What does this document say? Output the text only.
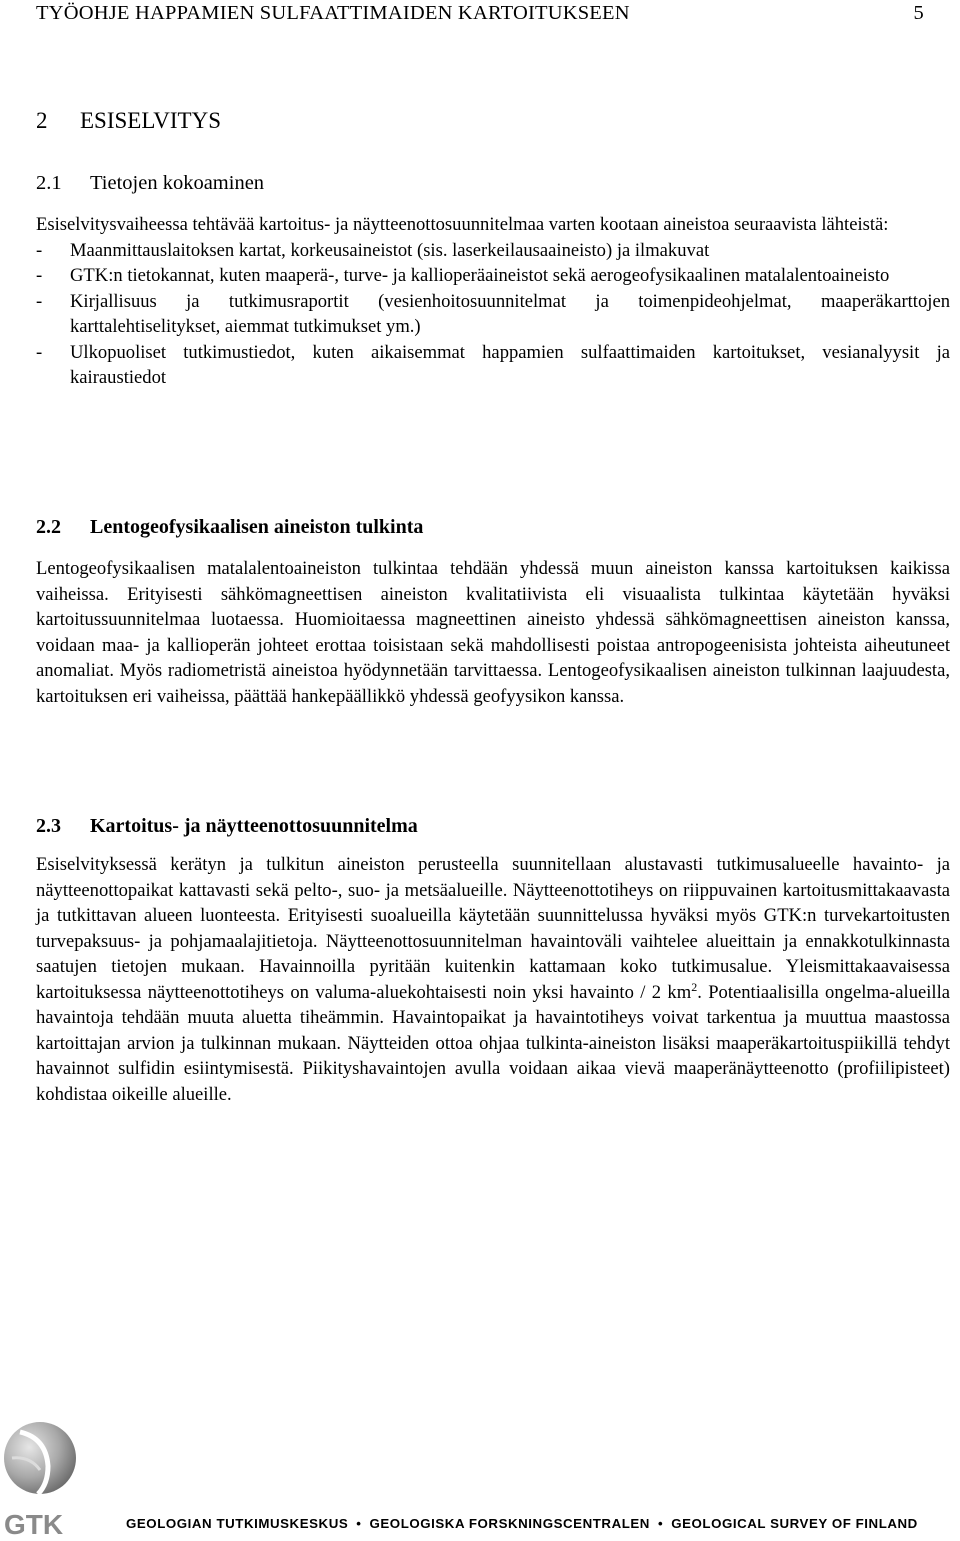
TYÖOHJE HAPPAMIEN SULFAATTIMAIDEN KARTOITUKSEEN	5
2 ESISELVITYS
2.1 Tietojen kokoaminen

Esiselvitysvaiheessa tehtävää kartoitus- ja näytteenottosuunnitelmaa varten kootaan aineistoa seuraavista lähteistä:

- Maanmittauslaitoksen kartat, korkeusaineistot (sis. laserkeilausaaineisto) ja ilmakuvat
- GTK:n tietokannat, kuten maaperä-, turve- ja kallioperäaineistot sekä aerogeofysikaalinen matalalentoaineisto
- Kirjallisuus ja tutkimusraportit (vesienhoitosuunnitelmat ja toimenpideohjelmat, maaperäkarttojen karttalehtiselitykset, aiemmat tutkimukset ym.)
- Ulkopuoliset tutkimustiedot, kuten aikaisemmat happamien sulfaattimaiden kartoitukset, vesianalyysit ja kairaustiedot
2.2 Lentogeofysikaalisen aineiston tulkinta

Lentogeofysikaalisen matalalentoaineiston tulkintaa tehdään yhdessä muun aineiston kanssa kartoituksen kaikissa vaiheissa. Erityisesti sähkömagneettisen aineiston kvalitatiivista eli visuaalista tulkintaa käytetään hyväksi kartoitussuunnitelmaa luotaessa. Huomioitaessa magneettinen aineisto yhdessä sähkömagneettisen aineiston kanssa, voidaan maa- ja kallioperän johteet erottaa toisistaan sekä mahdollisesti poistaa antropogeenisista johteista aiheutuneet anomaliat. Myös radiometristä aineistoa hyödynnetään tarvittaessa. Lentogeofysikaalisen aineiston tulkinnan laajuudesta, kartoituksen eri vaiheissa, päättää hankepäällikkö yhdessä geofyysikon kanssa.

2.3 Kartoitus- ja näytteenottosuunnitelma

Esiselvityksessä kerätyn ja tulkitun aineiston perusteella suunnitellaan alustavasti tutkimusalueelle havainto- ja näytteenottopaikat kattavasti sekä pelto-, suo- ja metsäalueille. Näytteenottotiheys on riippuvainen kartoitusmittakaavasta ja tutkittavan alueen luonteesta. Erityisesti suoalueilla käytetään suunnittelussa hyväksi myös GTK:n turvekartoitusten turvepaksuus- ja pohjamaalajitietoja. Näytteenottosuunnitelman havaintoväli vaihtelee alueittain ja ennakkotulkinnasta saatujen tietojen mukaan. Havainnoilla pyritään kuitenkin kattamaan koko tutkimusalue. Yleismittakaavaisessa kartoituksessa näytteenottotiheys on valuma-aluekohtaisesti noin yksi havainto / 2 $km^2$. Potentiaalisilla ongelma-alueilla havaintoja tehdään muuta aluetta tiheämmin. Havaintopaikat ja havaintotiheys voivat tarkentua ja muuttua maastossa kartoittajan arvion ja tulkinnan mukaan. Näytteiden ottoa ohjaa tulkinta-aineiston lisäksi maaperäkartoituspiikillä tehdyt havainnot sulfidin esiintymisestä. Piikityshavaintojen avulla voidaan aikaa vievä maaperänäytteenotto (profiilipisteet) kohdistaa oikeille alueille.

GTK	GEOLOGIAN TUTKIMUSKESKUS • GEOLOGISKA FORSKNINGSCENTRALEN • GEOLOGICAL SURVEY OF FINLAND
